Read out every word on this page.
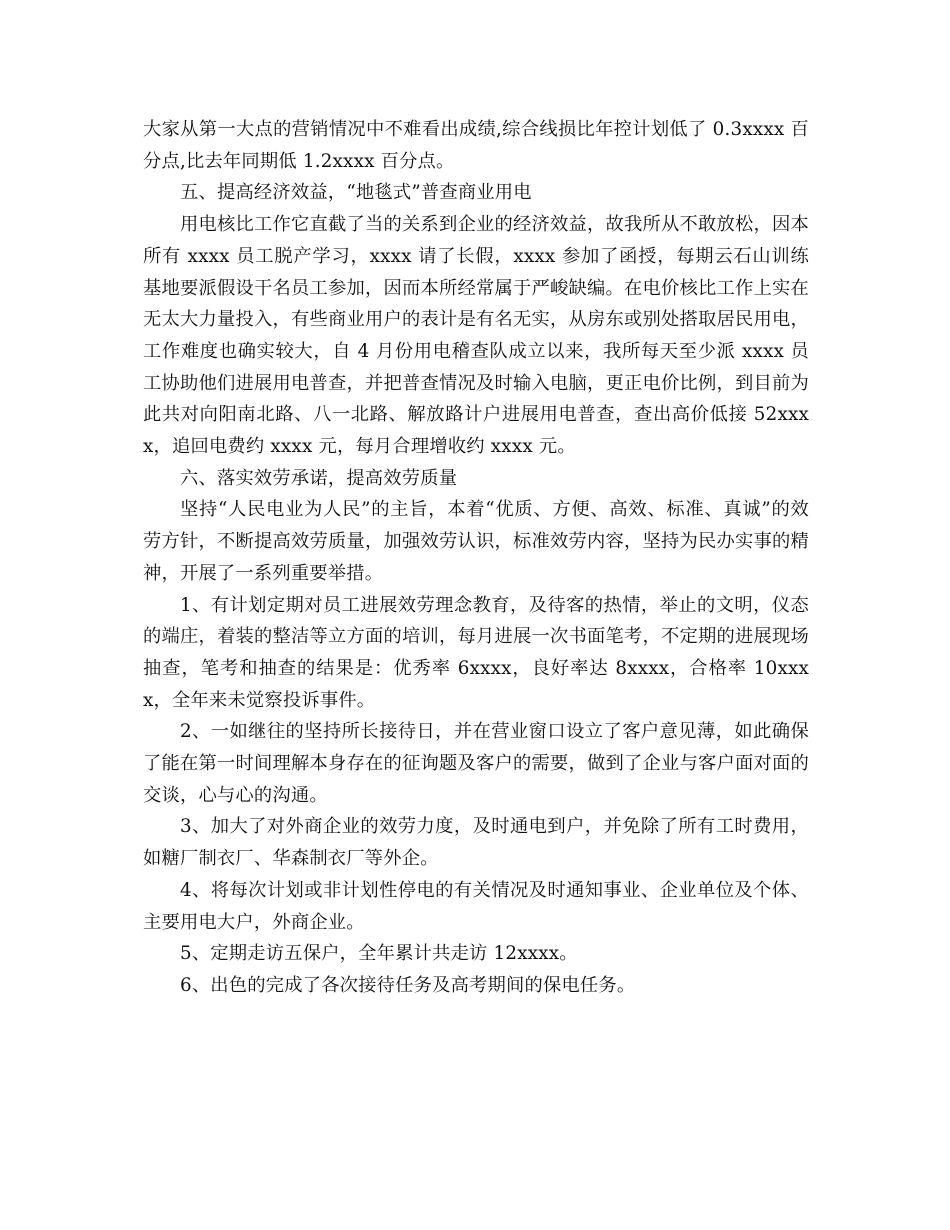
大家从第一大点的营销情况中不难看出成绩,综合线损比年控计划低了 0.3xxxx 百分点,比去年同期低 1.2xxxx 百分点。

五、提高经济效益，“地毯式”普查商业用电

用电核比工作它直截了当的关系到企业的经济效益，故我所从不敢放松，因本所有 xxxx 员工脱产学习，xxxx 请了长假，xxxx 参加了函授，每期云石山训练基地要派假设干名员工参加，因而本所经常属于严峻缺编。在电价核比工作上实在无太大力量投入，有些商业用户的表计是有名无实，从房东或别处搭取居民用电，工作难度也确实较大，自 4 月份用电稽查队成立以来，我所每天至少派 xxxx 员工协助他们进展用电普查，并把普查情况及时输入电脑，更正电价比例，到目前为此共对向阳南北路、八一北路、解放路计户进展用电普查，查出高价低接 52xxxx，追回电费约 xxxx 元，每月合理增收约 xxxx 元。

六、落实效劳承诺，提高效劳质量

坚持“人民电业为人民”的主旨，本着“优质、方便、高效、标准、真诚”的效劳方针，不断提高效劳质量，加强效劳认识，标准效劳内容，坚持为民办实事的精神，开展了一系列重要举措。

1、有计划定期对员工进展效劳理念教育，及待客的热情，举止的文明，仪态的端庄，着装的整洁等立方面的培训，每月进展一次书面笔考，不定期的进展现场抽查，笔考和抽查的结果是：优秀率 6xxxx，良好率达 8xxxx，合格率 10xxxx，全年来未觉察投诉事件。

2、一如继往的坚持所长接待日，并在营业窗口设立了客户意见薄，如此确保了能在第一时间理解本身存在的征询题及客户的需要，做到了企业与客户面对面的交谈，心与心的沟通。

3、加大了对外商企业的效劳力度，及时通电到户，并免除了所有工时费用，如糖厂制衣厂、华森制衣厂等外企。

4、将每次计划或非计划性停电的有关情况及时通知事业、企业单位及个体、主要用电大户，外商企业。

5、定期走访五保户，全年累计共走访 12xxxx。

6、出色的完成了各次接待任务及高考期间的保电任务。
